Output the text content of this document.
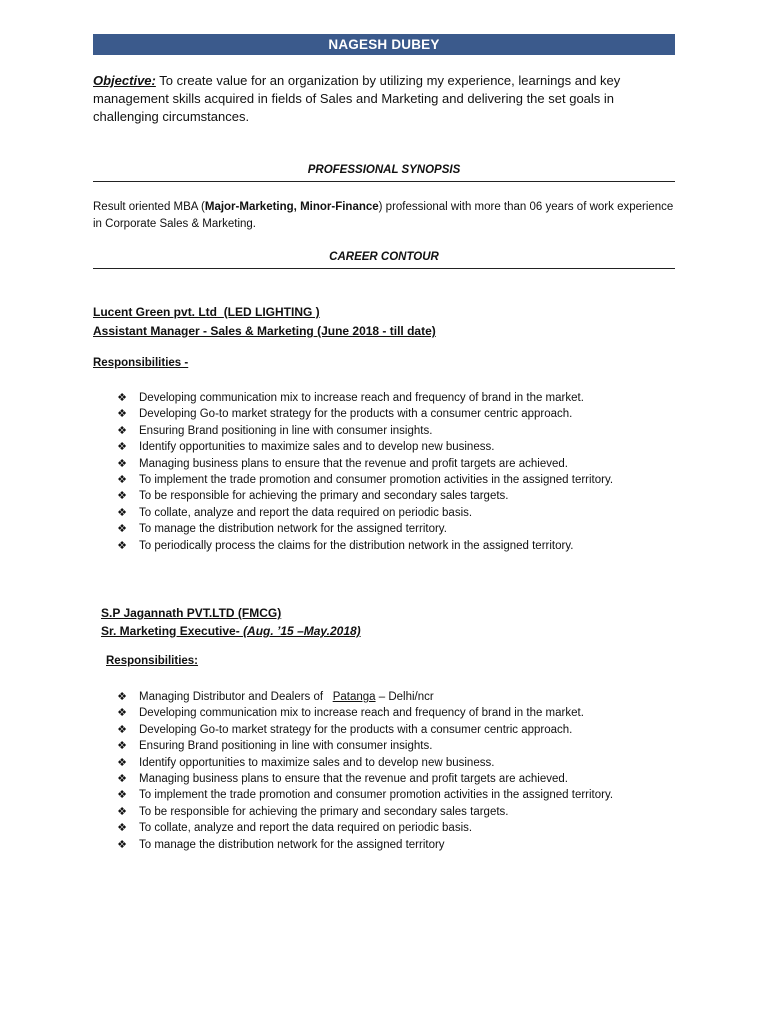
NAGESH DUBEY
Objective: To create value for an organization by utilizing my experience, learnings and key management skills acquired in fields of Sales and Marketing and delivering the set goals in challenging circumstances.
PROFESSIONAL SYNOPSIS
Result oriented MBA (Major-Marketing, Minor-Finance) professional with more than 06 years of work experience in Corporate Sales & Marketing.
CAREER CONTOUR
Lucent Green pvt. Ltd (LED LIGHTING )
Assistant Manager - Sales & Marketing (June 2018 - till date)
Responsibilities -
❖ Developing communication mix to increase reach and frequency of brand in the market.
❖ Developing Go-to market strategy for the products with a consumer centric approach.
❖ Ensuring Brand positioning in line with consumer insights.
❖ Identify opportunities to maximize sales and to develop new business.
❖ Managing business plans to ensure that the revenue and profit targets are achieved.
❖ To implement the trade promotion and consumer promotion activities in the assigned territory.
❖ To be responsible for achieving the primary and secondary sales targets.
❖ To collate, analyze and report the data required on periodic basis.
❖ To manage the distribution network for the assigned territory.
❖ To periodically process the claims for the distribution network in the assigned territory.
S.P Jagannath PVT.LTD (FMCG)
Sr. Marketing Executive- (Aug. ’15 –May.2018)
Responsibilities:
❖ Managing Distributor and Dealers of   Patanga – Delhi/ncr
❖ Developing communication mix to increase reach and frequency of brand in the market.
❖ Developing Go-to market strategy for the products with a consumer centric approach.
❖ Ensuring Brand positioning in line with consumer insights.
❖ Identify opportunities to maximize sales and to develop new business.
❖ Managing business plans to ensure that the revenue and profit targets are achieved.
❖ To implement the trade promotion and consumer promotion activities in the assigned territory.
❖ To be responsible for achieving the primary and secondary sales targets.
❖ To collate, analyze and report the data required on periodic basis.
❖ To manage the distribution network for the assigned territory
